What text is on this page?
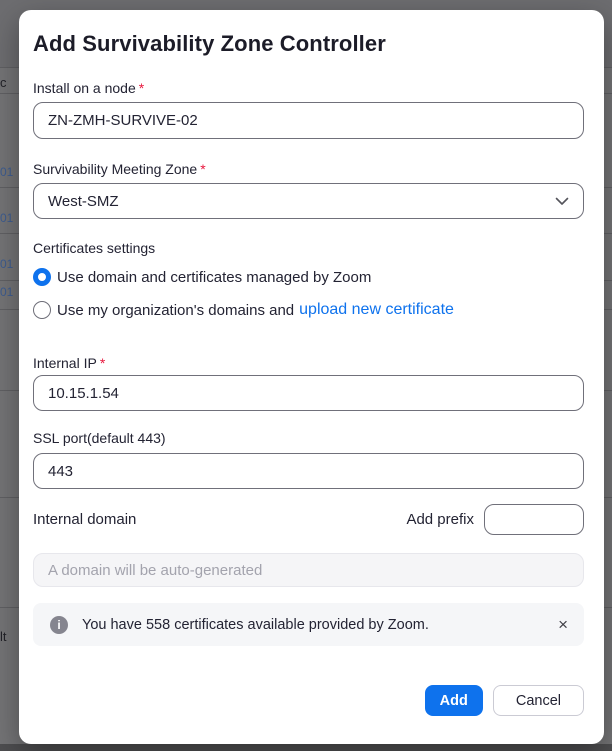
c
01
01
01
01
lt
Add Survivability Zone Controller
Install on a node *
ZN-ZMH-SURVIVE-02
Survivability Meeting Zone *
West-SMZ
Certificates settings
Use domain and certificates managed by Zoom
Use my organization's domains and upload new certificate
Internal IP *
10.15.1.54
SSL port(default 443)
443
Internal domain	Add prefix
A domain will be auto-generated
i	You have 558 certificates available provided by Zoom.	×
Add	Cancel
